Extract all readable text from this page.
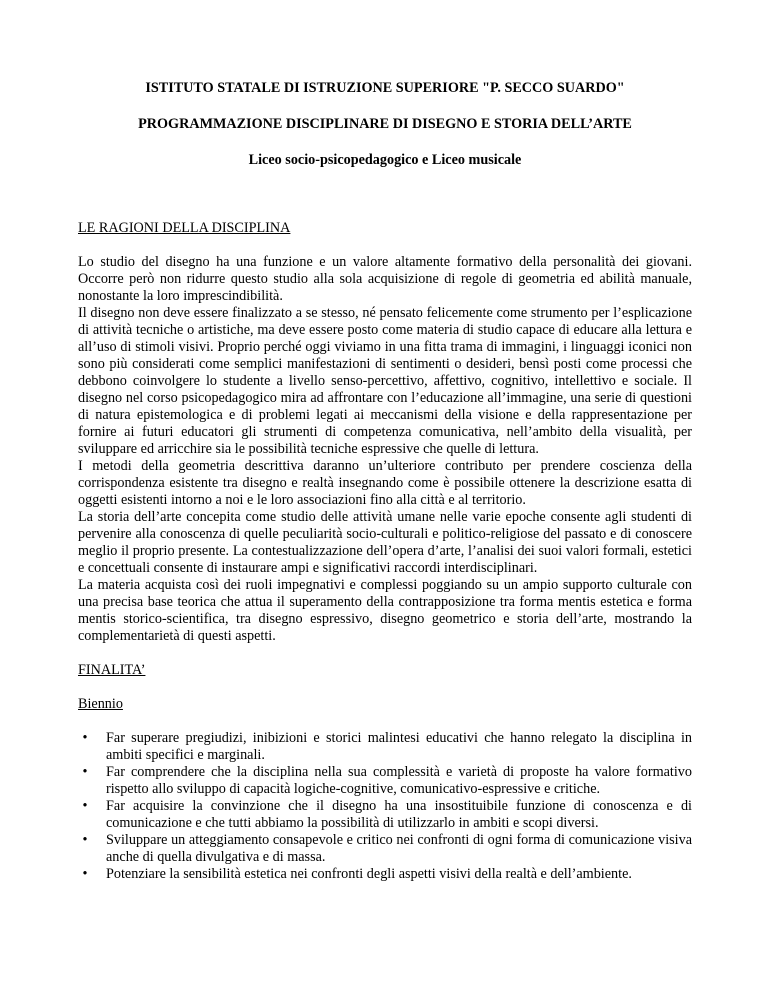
ISTITUTO STATALE DI ISTRUZIONE SUPERIORE "P. SECCO SUARDO"

PROGRAMMAZIONE DISCIPLINARE DI DISEGNO E STORIA DELL’ARTE

Liceo socio-psicopedagogico e Liceo musicale

LE RAGIONI DELLA DISCIPLINA

Lo studio del disegno ha una funzione e un valore altamente formativo della personalità dei giovani. Occorre però non ridurre questo studio alla sola acquisizione di regole di geometria ed abilità manuale, nonostante la loro imprescindibilità.

Il disegno non deve essere finalizzato a se stesso, né pensato felicemente come strumento per l’esplicazione di attività tecniche o artistiche, ma deve essere posto come materia di studio capace di educare alla lettura e all’uso di stimoli visivi. Proprio perché oggi viviamo in una fitta trama di immagini, i linguaggi iconici non sono più considerati come semplici manifestazioni di sentimenti o desideri, bensì posti come processi che debbono coinvolgere lo studente a livello senso-percettivo, affettivo, cognitivo, intellettivo e sociale. Il disegno nel corso psicopedagogico mira ad affrontare con l’educazione all’immagine, una serie di questioni di natura epistemologica e di problemi legati ai meccanismi della visione e della rappresentazione per fornire ai futuri educatori gli strumenti di competenza comunicativa, nell’ambito della visualità, per sviluppare ed arricchire sia le possibilità tecniche espressive che quelle di lettura.

I metodi della geometria descrittiva daranno un’ulteriore contributo per prendere coscienza della corrispondenza esistente tra disegno e realtà insegnando come è possibile ottenere la descrizione esatta di oggetti esistenti intorno a noi e le loro associazioni fino alla città e al territorio.

La storia dell’arte concepita come studio delle attività umane nelle varie epoche consente agli studenti di pervenire alla conoscenza di quelle peculiarità socio-culturali e politico-religiose del passato e di conoscere meglio il proprio presente. La contestualizzazione dell’opera d’arte, l’analisi dei suoi valori formali, estetici e concettuali consente di instaurare ampi e significativi raccordi interdisciplinari.

La materia acquista così dei ruoli impegnativi e complessi poggiando su un ampio supporto culturale con una precisa base teorica che attua il superamento della contrapposizione tra forma mentis estetica e forma mentis storico-scientifica, tra disegno espressivo, disegno geometrico e storia dell’arte, mostrando la complementarietà di questi aspetti.

FINALITA’

Biennio

•	Far superare pregiudizi, inibizioni e storici malintesi educativi che hanno relegato la disciplina in ambiti specifici e marginali.
•	Far comprendere che la disciplina nella sua complessità e varietà di proposte ha valore formativo rispetto allo sviluppo di capacità logiche-cognitive, comunicativo-espressive e critiche.
•	Far acquisire la convinzione che il disegno ha una insostituibile funzione di conoscenza e di comunicazione e che tutti abbiamo la possibilità di utilizzarlo in ambiti e scopi diversi.
•	Sviluppare un atteggiamento consapevole e critico nei confronti di ogni forma di comunicazione visiva anche di quella divulgativa e di massa.
•	Potenziare la sensibilità estetica nei confronti degli aspetti visivi della realtà e dell’ambiente.
